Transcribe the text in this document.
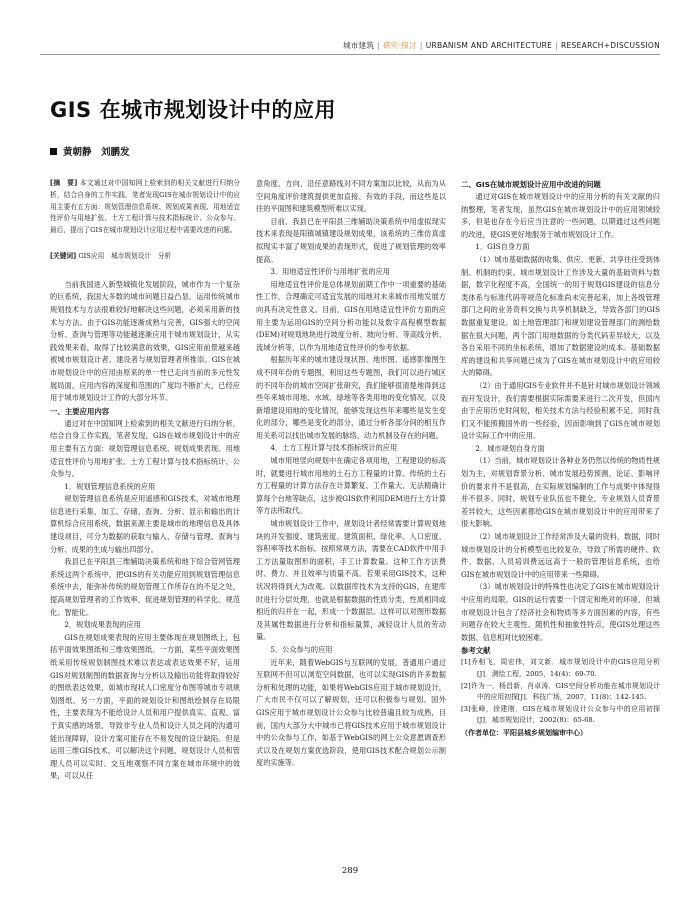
城市建筑 | 研究·探讨 | URBANISM AND ARCHITECTURE | RESEARCH+DISCUSSION
GIS 在城市规划设计中的应用
黄朝静　刘鹏发
[摘　要] 本文通过对中国知网上检索到的相关文献进行归纳分析，结合自身的工作实践，笔者发现GIS在城市规划设计中的应用主要有五方面：规划管理信息系统、规划成果表现、用地适宜性评价与用地扩张、土方工程计算与技术指标统计、公众参与。最后，提出了GIS在城市规划设计应用过程中需要改进的问题。
[关键词] GIS应用　城市规划设计　分析

当前我国进入新型城镇化发展阶段，城市作为一个复杂的巨系统，我国大多数的城市问题日益凸显，运用传统城市规划技术与方法很难较好地解决这些问题，必须采用新的技术与方法。由于GIS功能逐渐成熟与完善，GIS强大的空间分析、查询与管理等功能越逐渐应用于城市规划设计，从实践效果来看，取得了比较满意的效果，GIS应用前景越来越被城市规划设计者、建设者与规划管理者所推崇。GIS在城市规划设计中的应用由原来的单一性已走向当前的多元性发展局面，应用内容的深度和范围的广度均不断扩大，已经应用于城市规划设计工作的大部分环节。

一、主要应用内容

通过对在中国知网上检索到的相关文献进行归纳分析，结合自身工作实践，笔者发现，GIS在城市规划设计中的应用主要有五方面：规划管理信息系统、规划成果表现、用地适宜性评价与用地扩张、土方工程计算与技术指标统计、公众参与。

1．规划管理信息系统的应用

规划管理信息系统是应用遥感和GIS技术，对城市地理信息进行采集、加工、存储、查询、分析、显示和输出的计算机综合应用系统，数据来源主要是城市的地理信息及具体建设项目，可分为数据的获取与输入、存储与管理、查询与分析、成果的生成与输出四部分。

我县已在平阳县三维辅助决策系统和地下综合管网管理系统这两个系统中，把GIS的有关功能应用到规划管理信息系统中去，能弥补传统的规划管理工作所存在的不足之处，提高规划管理者的工作效率，促进规划管理的科学化、规范化、智能化。

2．规划成果表现的应用

GIS在规划成果表现的应用主要体现在规划图纸上，包括平面效果图纸和三维效果图纸。一方面，某些平面效果图纸采用传统规划制图技术难以表达或表达效果不好，运用GIS对规划制图的数据查询与分析以及输出功能将取得较好的图纸表达效果，如城市现状人口密度分布图等城市专项规划图纸。另一方面，平面的规划设计和图纸绘制存在局限性，主要表现为不能给设计人员和用户提供真实、直观、富于真实感的场景，导致非专业人员和设计人员之间的沟通可能出现障碍，设计方案可能存在不易发现的设计缺陷。但是运用三维GIS技术，可以解决这个问题，规划设计人员和管理人员可以实时、交互地观察不同方案在城市环境中的效果，可以从任

意角度、方向、沿任意路线对不同方案加以比较，从而为从空间角度评价建筑提供更加直接、有效的手段，而这些是以往的平面图和建筑模型所难以实现。

目前，我县已在平阳县三维辅助决策系统中用虚拟现实技术来表现是阳镇城镇建设规划成果，该系统的三维仿真虚拟现实丰富了规划成果的表现形式，促进了规划管理的效率提高。

3．用地适宜性评价与用地扩张的应用

用地适宜性评价是总体规划前期工作中一项重要的基础性工作，合理确定可适宜发展的用地对未来城市用地发展方向具有决定性意义。目前，GIS在用地适宜性评价方面的应用主要为运用GIS的空间分析功能以及数字高程模型数据(DEM)对规划地块进行坡度分析、坡向分析、等高线分析、流域分析等，以作为用地适宜性评价的参考依据。

根据历年来的城市建设现状图、地形图、遥感影像图生成不同年份的专题图，利用这些专题图，我们可以进行城区的不同年份的城市空间扩张研究，我们能够很清楚地得到这些年来城市用地、水域、绿地等各类用地的变化情况，以及新增建设用地的变化情况，能够发现这些年来哪些是发生变化的部分，哪些是变化的部分，通过分析各部分间的相互作用关系可以找出城市发展的脉络、动力机制及存在的问题。

4．土方工程计算与技术指标统计的应用

城市用地竖向规划中在确定各项用地，工程建设的标高时，就要进行城市用地的土石方工程量的计算。传统的土石方工程量的计算方法存在计算繁复、工作量大、无法精确计算每个台地等缺点，这步被GIS软件利用DEM进行土方计算等方法所取代。

城市规划设计工作中，规划设计者经常需要计算规划地块的开发强度、建筑密度、建筑面积、绿化率、人口密度、容积率等技术指标。按照常规方法，需要在CAD软件中用手工方法量取图形的面积，手工计算数量。这种工作方法费时、费力、并且效率与质量不高。若果采用GIS技术，这种状况将得到大为改观。以数据库技术为支持的GIS，在建库时进行分层处理，也就是根据数据的性质分类，性质相同或相近的归并在一起，形成一个数据层。这样可以对图形数据及其属性数据进行分析和指标量算，减轻设计人员的劳动量。

5．公众参与的应用

近年来，随着WebGIS与互联网的发展，普通用户通过互联网不但可以浏览空间数据，也可以实现GIS的许多数据分析和处理的功能，如果将WebGIS应用于城市规划设计，广大市民不仅可以了解规划，还可以积极参与规划。国外GIS应用于城市规划设计公众参与比较普遍且较为成熟，目前，国内大部分大中城市已将GIS技术应用于城市规划设计中的公众参与工作，如基于WebGIS的网上公众意愿调查形式以及在规划方案优选阶段，使用GIS技术配合规划公示制度的实施等。

二、GIS在城市规划设计应用中改进的问题

通过对GIS在城市规划设计中的应用分析的有关文献的归纳整理，笔者发现，虽然GIS在城市规划设计中的应用领域较多，但是也存在今后应当注意的一些问题，以期通过这些问题的改进，使GIS更好地服务于城市规划设计工作。

1．GIS自身方面

（1）城市基础数据的收集、供应、更新、共享往往受到体制、机制的约束。城市规划设计工作涉及大量的基础资料与数据，数字化程度不高，全国统一的用于规划GIS建设的信息分类体系与标准代码等规范化标准尚未完善起来，加上各级管理部门之间的业务资料交换与共享机制缺乏，导致各部门的GIS数据重复建设。如土地管理部门和规划建设管理部门的测绘数据在很大问题，两个部门用地数据的分类代码差异较大，以及各自采用不同的坐标系统，增加了数据建设的成本。基础数据库的建设和共享问题已成为了GIS在城市规划设计中的应用较大的障碍。

（2）由于通用GIS专业软件并不是针对城市规划设计领域而开发设计，我们需要根据实际需要来进行二次开发，但国内由于应用历史时间短，相关技术方法与经验积累不足，同时我们又不能照搬国外的一些经验，因而影响到了GIS在城市规划设计实际工作中的应用。

2．城市规划自身方面

（1）当前，城市规划设计各种业务仍然以传统的物质性规划为主，对规划背景分析、城市发展趋势预测、论证、影响评价的要求并不是很高，在实际规划编制的工作与成果中体现得并不很多。同时，规划专业队伍也不健全，专业规划人员背景差异较大，这些因素都给GIS在城市规划设计中的应用带来了很大影响。

（2）城市规划设计工作经常涉及大量的资料、数据，同时城市规划设计的分析模型也比较复杂，导致了所需的硬件、软件、数据、人员培训费远远高于一般的管理信息系统，也给GIS在城市规划设计中的应用带来一些障碍。

（3）城市规划设计的特殊性也决定了GIS在城市规划设计中应用的局限。GIS的运行需要一个固定和绝对的环境，但城市规划设计包含了经济社会和物质等多方面因素的内容，有些问题存在较大主观性、随机性和抽象性特点，使GIS处理这些数据、信息相对比较困难。

参考文献

[1]乔相飞，周宏伟，刘文新．城市规划设计中的GIS应用分析[J]．测绘工程，2005，14(4)：69-70.

[2]许为一，杨昌新，肖卓涛．GIS空间分析功能在城市规划设计中的应用初探[J]．科技广场，2007，11(8)：142-145.

[3]张峰，徐建刚．GIS在城市规划设计公众参与中的应用初探[J]．城市规划设计，2002(8)：65-68.

（作者单位：平阳县城乡规划编审中心）

289
